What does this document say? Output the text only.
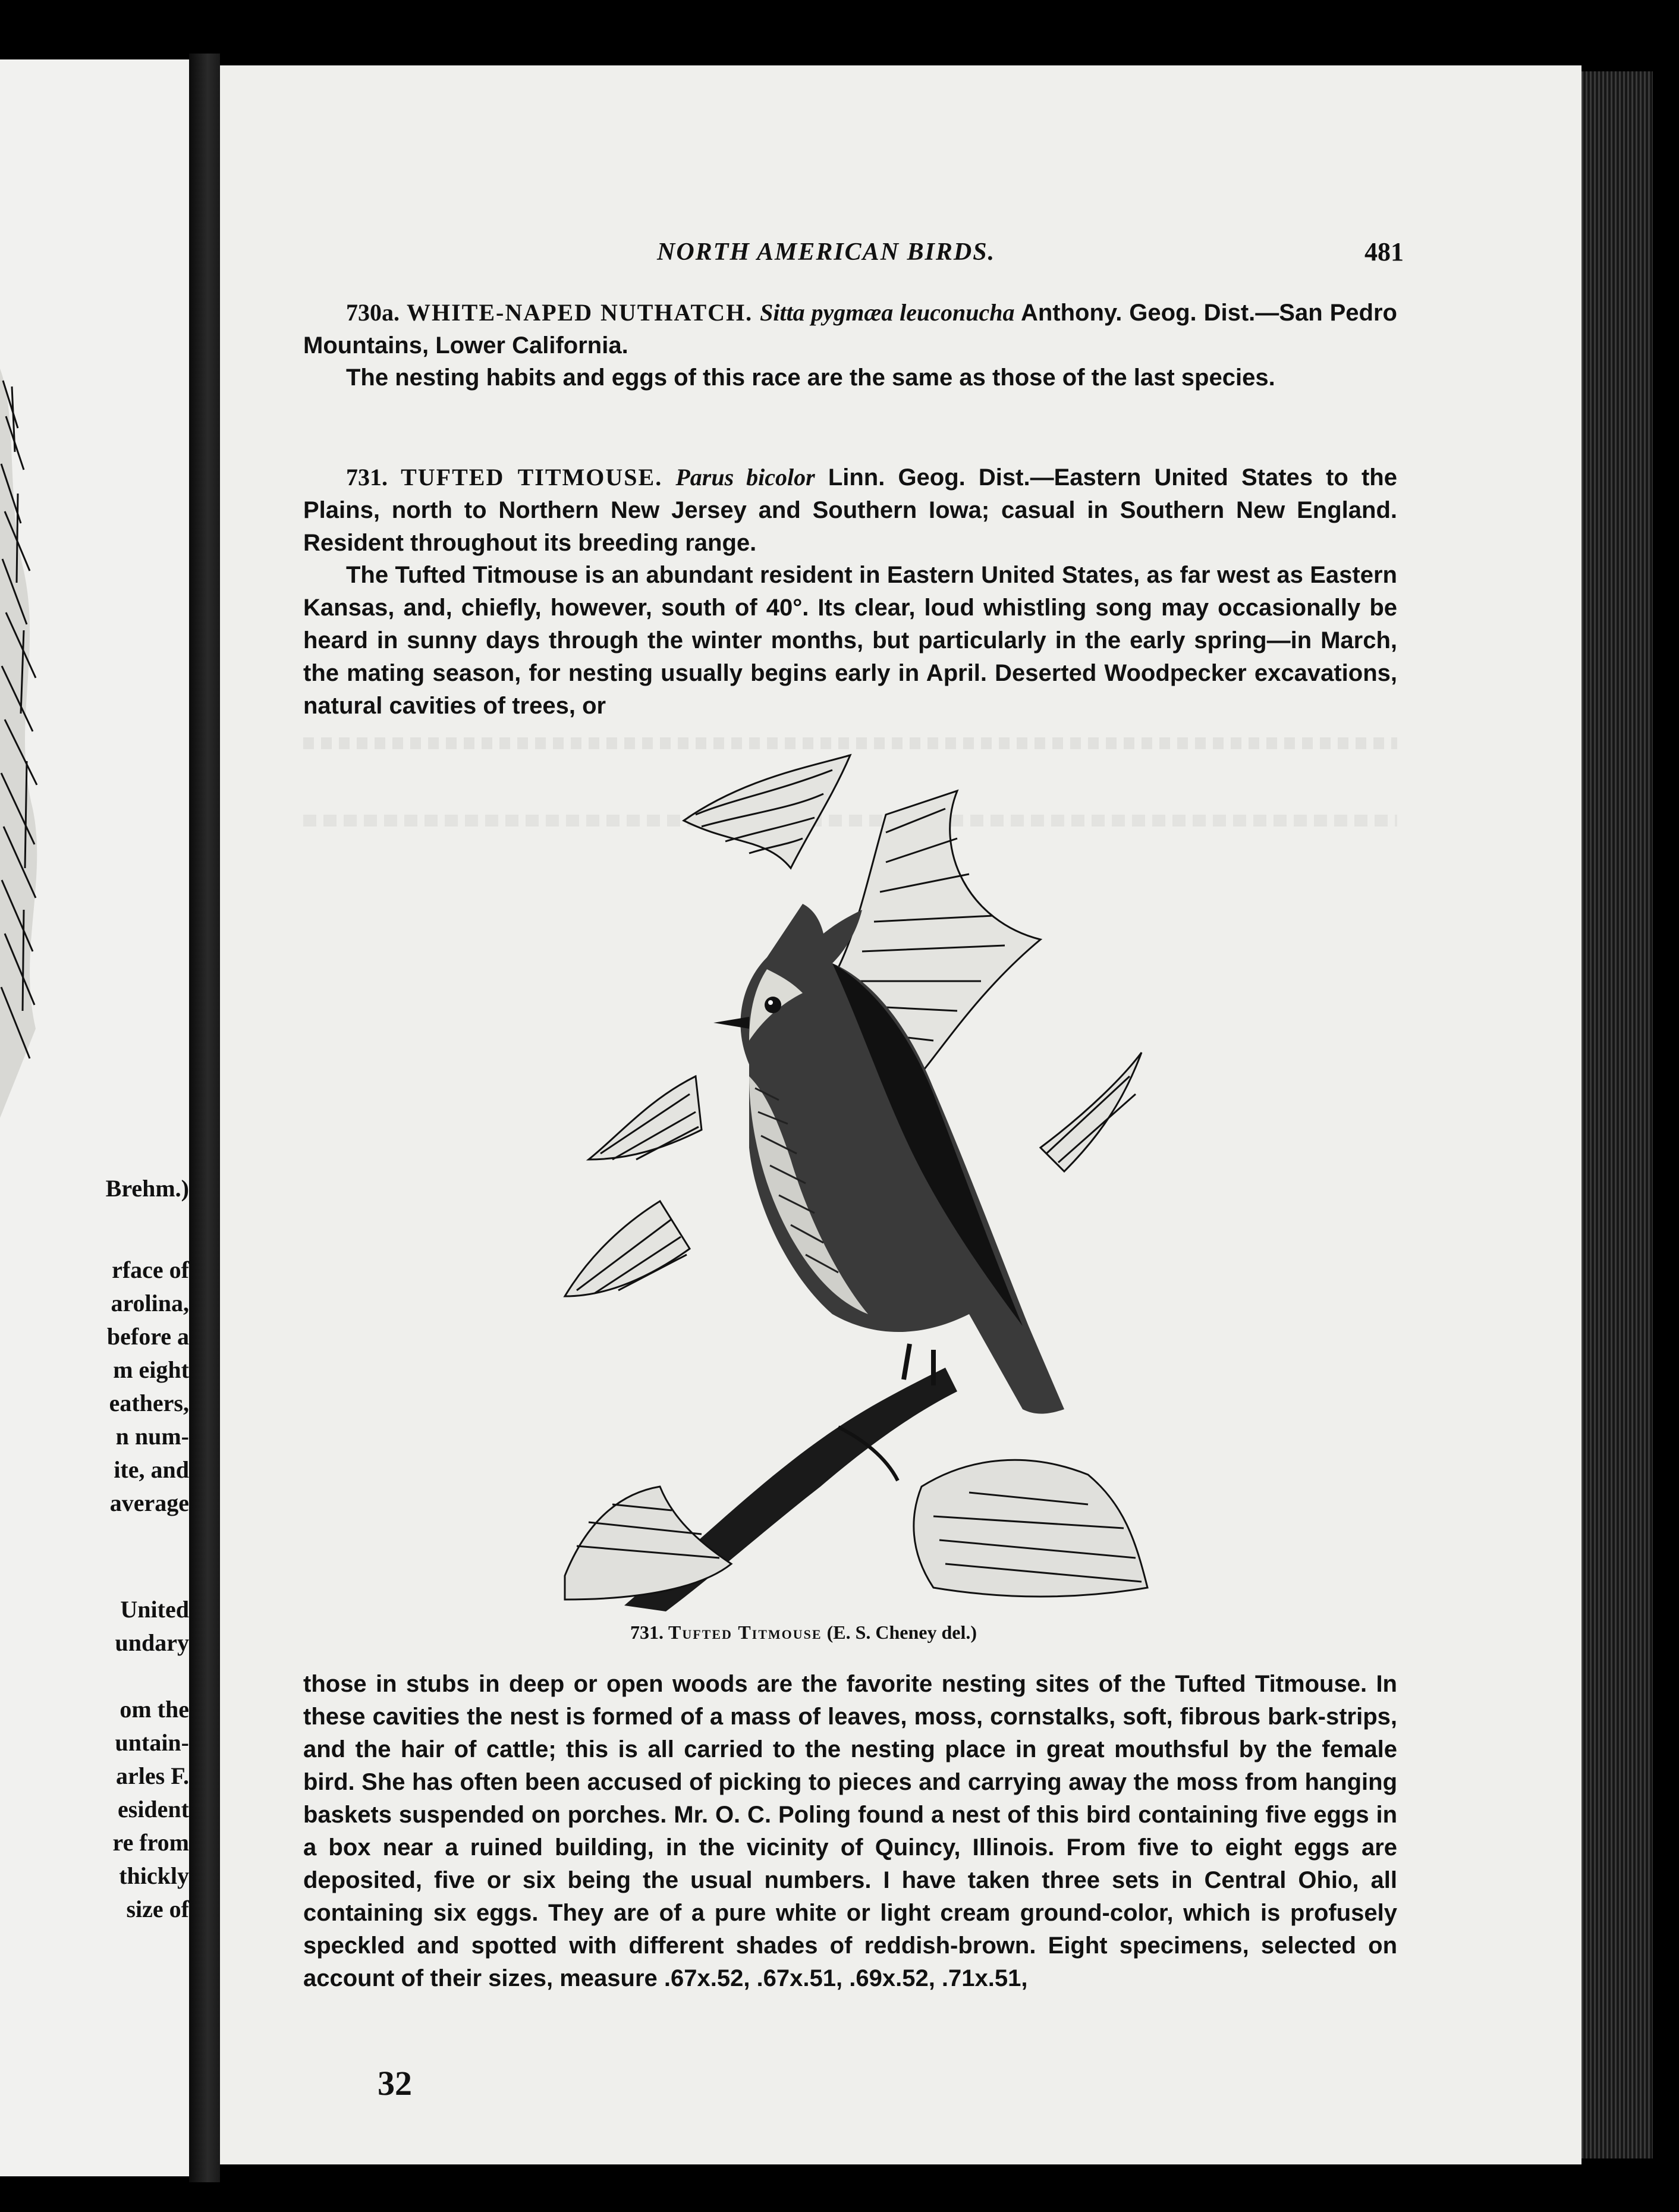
Brehm.)
rface of
arolina,
before a
m eight
eathers,
n num-
ite, and
average
United
undary
om the
untain-
arles F.
esident
re from
thickly
size of
NORTH AMERICAN BIRDS.	481

730a. WHITE-NAPED NUTHATCH. Sitta pygmæa leuconucha Anthony. Geog. Dist.—San Pedro Mountains, Lower California.

The nesting habits and eggs of this race are the same as those of the last species.

731. TUFTED TITMOUSE. Parus bicolor Linn. Geog. Dist.—Eastern United States to the Plains, north to Northern New Jersey and Southern Iowa; casual in Southern New England. Resident throughout its breeding range.

The Tufted Titmouse is an abundant resident in Eastern United States, as far west as Eastern Kansas, and, chiefly, however, south of 40°. Its clear, loud whistling song may occasionally be heard in sunny days through the winter months, but particularly in the early spring—in March, the mating season, for nesting usually begins early in April. Deserted Woodpecker excavations, natural cavities of trees, or

731. Tufted Titmouse (E. S. Cheney del.)

those in stubs in deep or open woods are the favorite nesting sites of the Tufted Titmouse. In these cavities the nest is formed of a mass of leaves, moss, cornstalks, soft, fibrous bark-strips, and the hair of cattle; this is all carried to the nesting place in great mouthsful by the female bird. She has often been accused of picking to pieces and carrying away the moss from hanging baskets suspended on porches. Mr. O. C. Poling found a nest of this bird containing five eggs in a box near a ruined building, in the vicinity of Quincy, Illinois. From five to eight eggs are deposited, five or six being the usual numbers. I have taken three sets in Central Ohio, all containing six eggs. They are of a pure white or light cream ground-color, which is profusely speckled and spotted with different shades of reddish-brown. Eight specimens, selected on account of their sizes, measure .67x.52, .67x.51, .69x.52, .71x.51,

32
